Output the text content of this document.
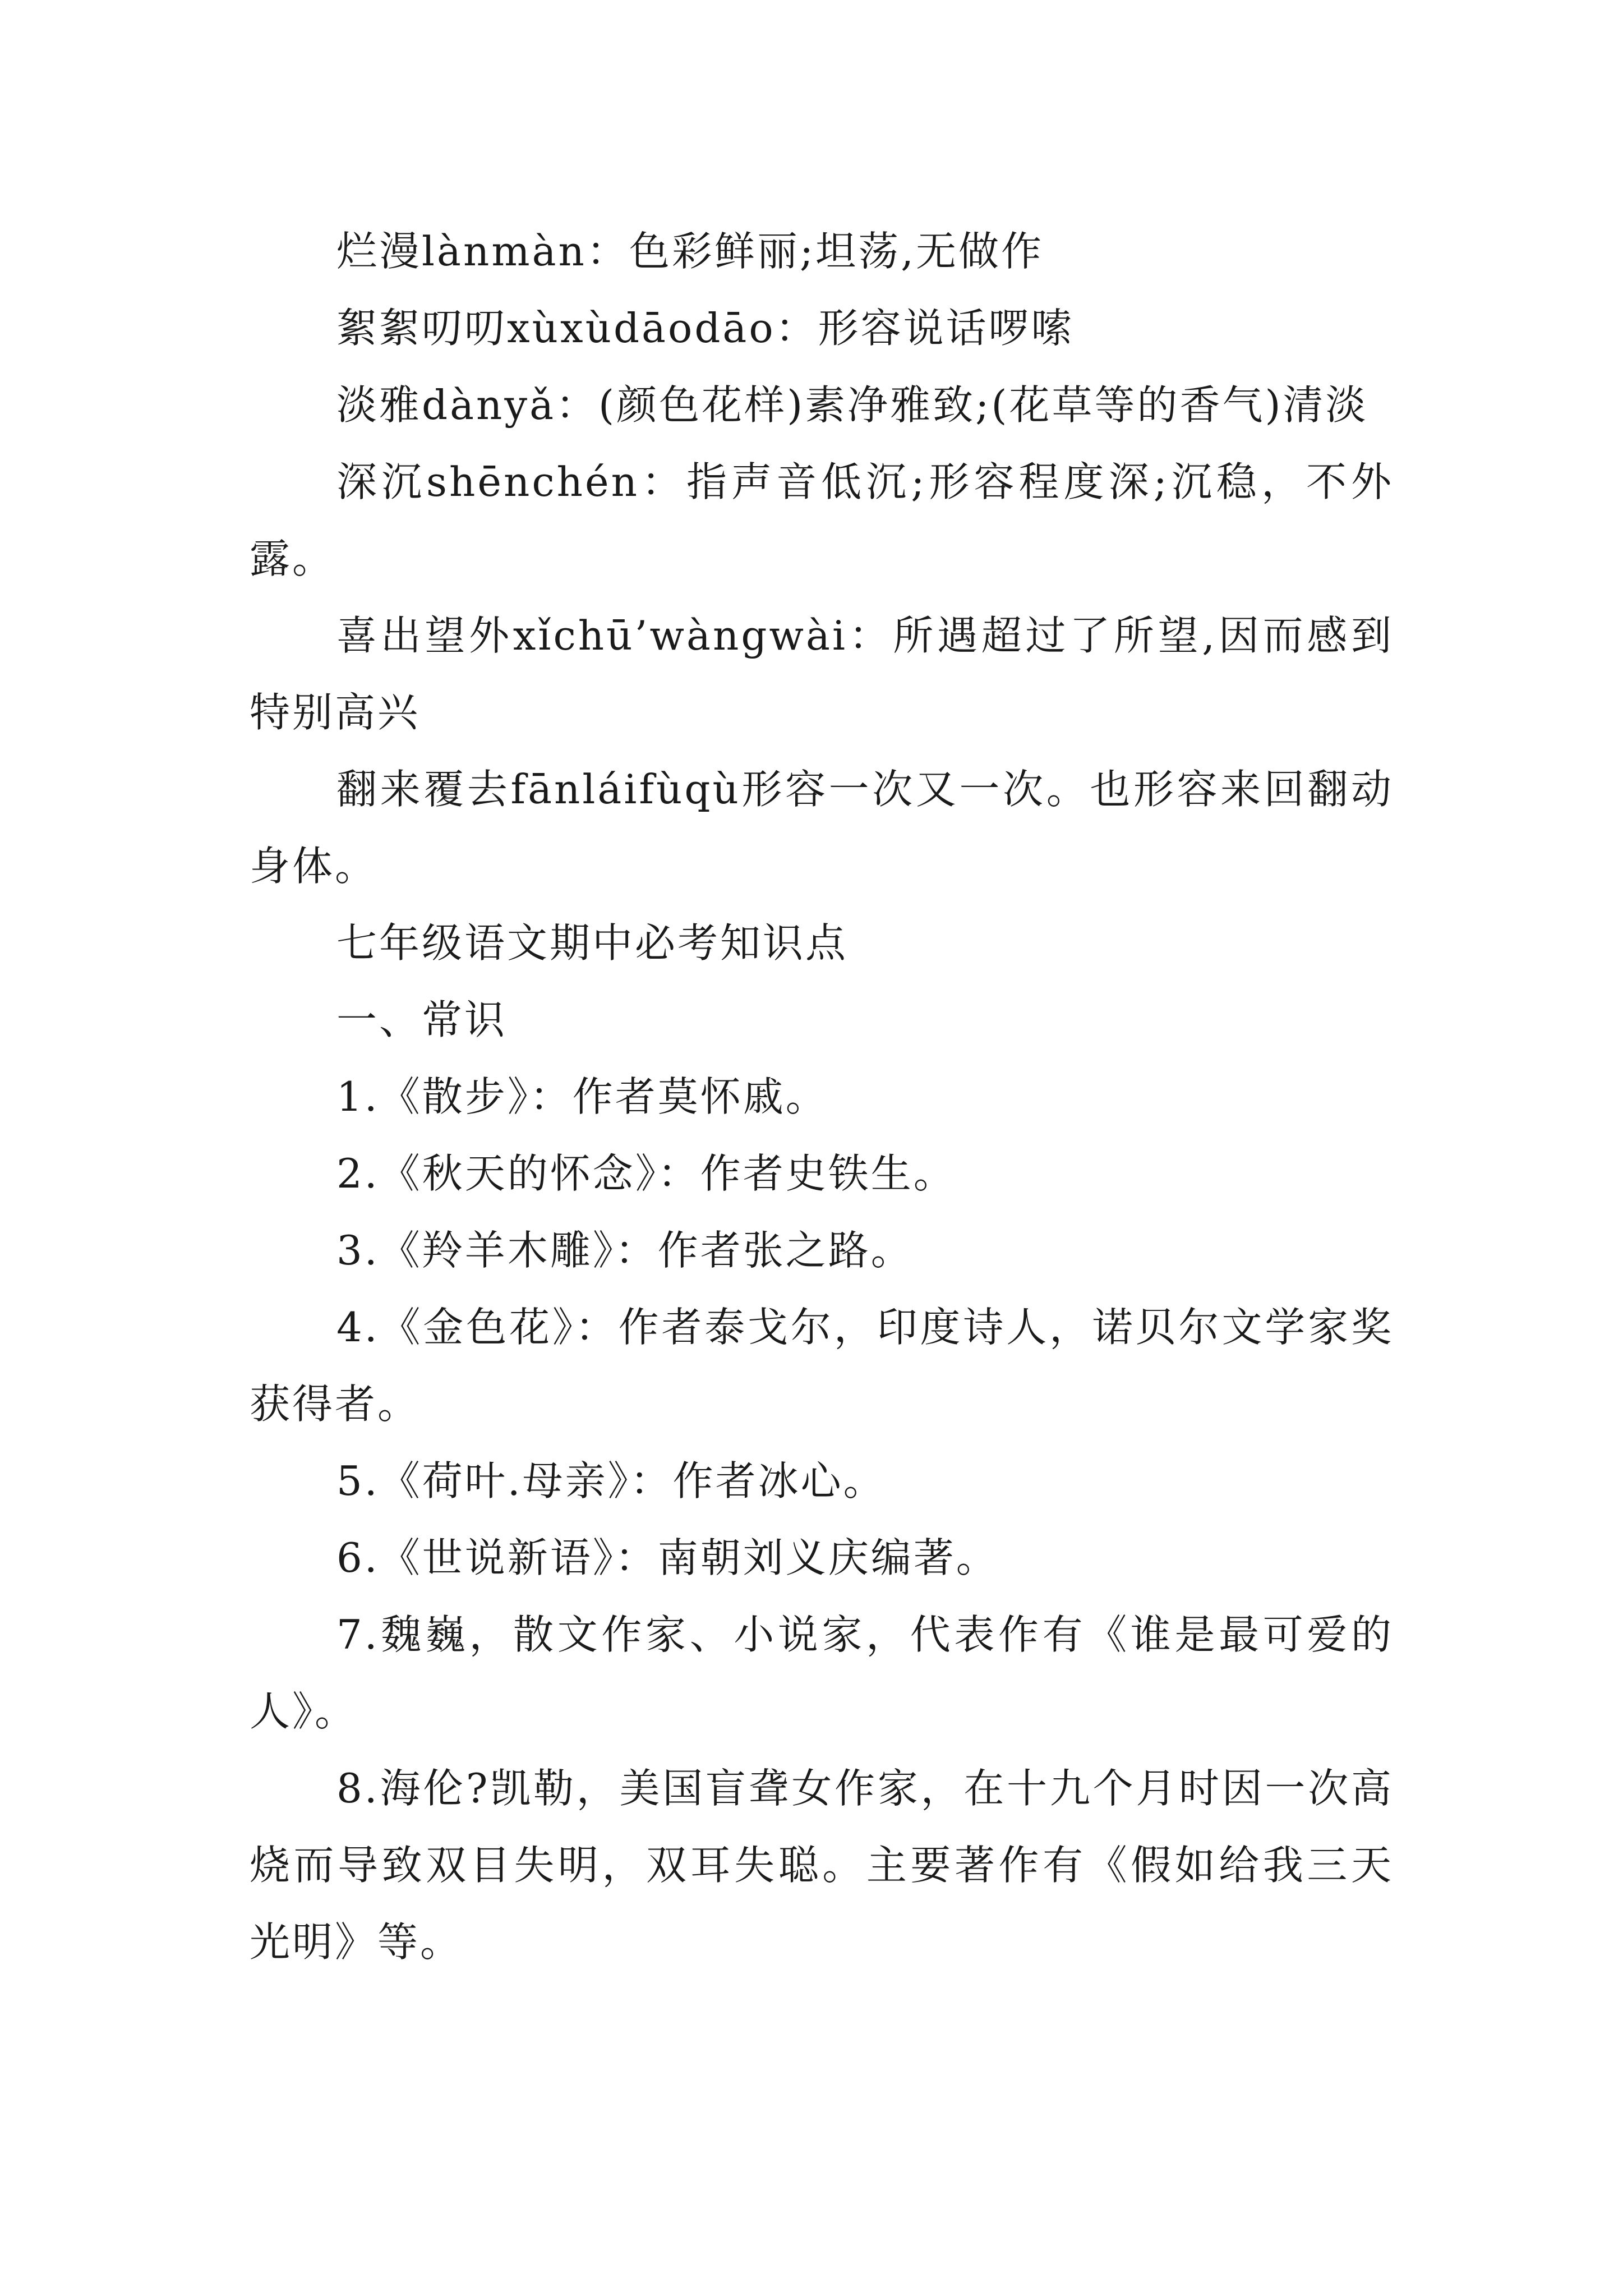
烂漫lànmàn：色彩鲜丽;坦荡,无做作

絮絮叨叨xùxùdāodāo：形容说话啰嗦

淡雅dànyǎ：(颜色花样)素净雅致;(花草等的香气)清淡

深沉shēnchén：指声音低沉;形容程度深;沉稳，不外露。

喜出望外xǐchū’wàngwài：所遇超过了所望,因而感到特别高兴

翻来覆去fānláifùqù形容一次又一次。也形容来回翻动身体。

七年级语文期中必考知识点

一、常识

1.《散步》：作者莫怀戚。

2.《秋天的怀念》：作者史铁生。

3.《羚羊木雕》：作者张之路。

4.《金色花》：作者泰戈尔，印度诗人，诺贝尔文学家奖获得者。

5.《荷叶.母亲》：作者冰心。

6.《世说新语》：南朝刘义庆编著。

7.魏巍，散文作家、小说家，代表作有《谁是最可爱的人》。

8.海伦?凯勒，美国盲聋女作家，在十九个月时因一次高烧而导致双目失明，双耳失聪。主要著作有《假如给我三天光明》等。
